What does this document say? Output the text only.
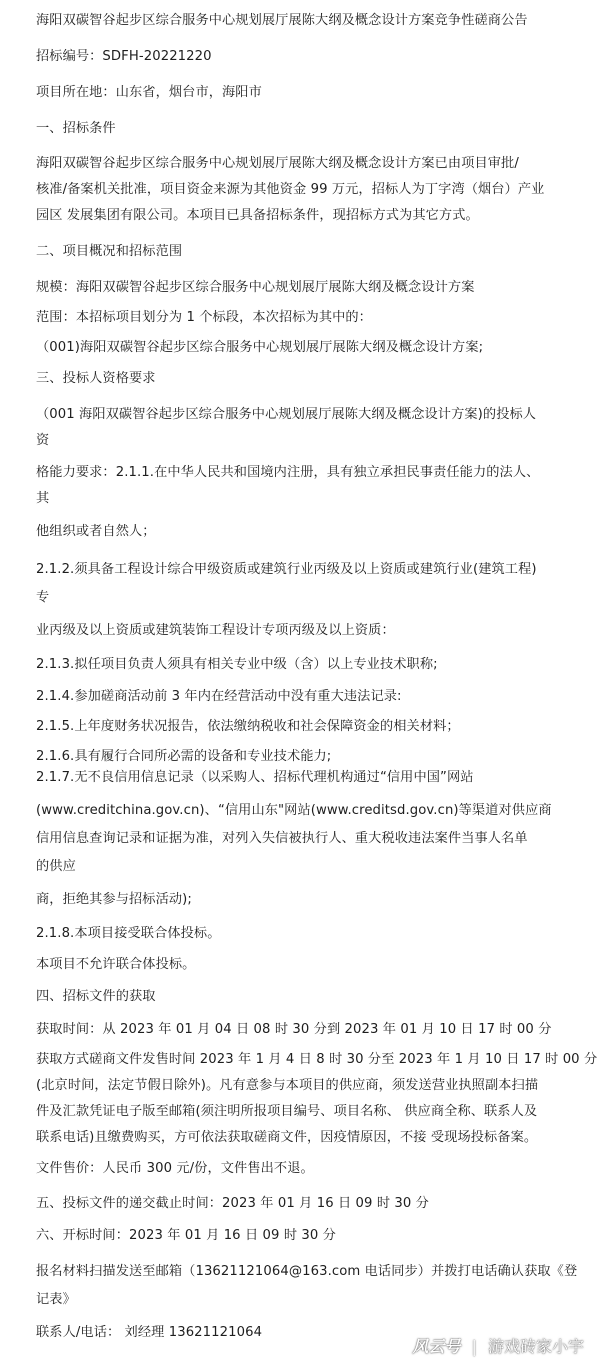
海阳双碳智谷起步区综合服务中心规划展厅展陈大纲及概念设计方案竞争性磋商公告
招标编号：SDFH-20221220
项目所在地：山东省，烟台市，海阳市
一、招标条件
海阳双碳智谷起步区综合服务中心规划展厅展陈大纲及概念设计方案已由项目审批/
核准/备案机关批准，项目资金来源为其他资金 99 万元，招标人为丁字湾（烟台）产业
园区 发展集团有限公司。本项目已具备招标条件，现招标方式为其它方式。
二、项目概况和招标范围
规模：海阳双碳智谷起步区综合服务中心规划展厅展陈大纲及概念设计方案
范围：本招标项目划分为 1 个标段，本次招标为其中的：
（001)海阳双碳智谷起步区综合服务中心规划展厅展陈大纲及概念设计方案;
三、投标人资格要求
（001 海阳双碳智谷起步区综合服务中心规划展厅展陈大纲及概念设计方案)的投标人
资
格能力要求：2.1.1.在中华人民共和国境内注册，具有独立承担民事责任能力的法人、
其
他组织或者自然人；
2.1.2.须具备工程设计综合甲级资质或建筑行业丙级及以上资质或建筑行业(建筑工程)
专
业丙级及以上资质或建筑装饰工程设计专项丙级及以上资质：
2.1.3.拟任项目负责人须具有相关专业中级（含）以上专业技术职称;
2.1.4.参加磋商活动前 3 年内在经营活动中没有重大违法记录:
2.1.5.上年度财务状况报告，依法缴纳税收和社会保障资金的相关材料；
2.1.6.具有履行合同所必需的设备和专业技术能力;
2.1.7.无不良信用信息记录（以采购人、招标代理机构通过“信用中国”网站
(www.creditchina.gov.cn)、“信用山东"网站(www.creditsd.gov.cn)等渠道对供应商
信用信息查询记录和证据为准，对列入失信被执行人、重大税收违法案件当事人名单
的供应
商，拒绝其参与招标活动);
2.1.8.本项目接受联合体投标。
本项目不允许联合体投标。
四、招标文件的获取
获取时间：从 2023 年 01 月 04 日 08 时 30 分到 2023 年 01 月 10 日 17 时 00 分
获取方式磋商文件发售时间 2023 年 1 月 4 日 8 时 30 分至 2023 年 1 月 10 日 17 时 00 分
(北京时间，法定节假日除外)。凡有意参与本项目的供应商，须发送营业执照副本扫描
件及汇款凭证电子版至邮箱(须注明所报项目编号、项目名称、 供应商全称、联系人及
联系电话)且缴费购买，方可依法获取磋商文件，因疫情原因，不接 受现场投标备案。
文件售价：人民币 300 元/份，文件售出不退。
五、投标文件的递交截止时间：2023 年 01 月 16 日 09 时 30 分
六、开标时间：2023 年 01 月 16 日 09 时 30 分
报名材料扫描发送至邮箱（13621121064@163.com 电话同步）并拨打电话确认获取《登
记表》
联系人/电话： 刘经理 13621121064
风云号 | 游戏砖家小宇
